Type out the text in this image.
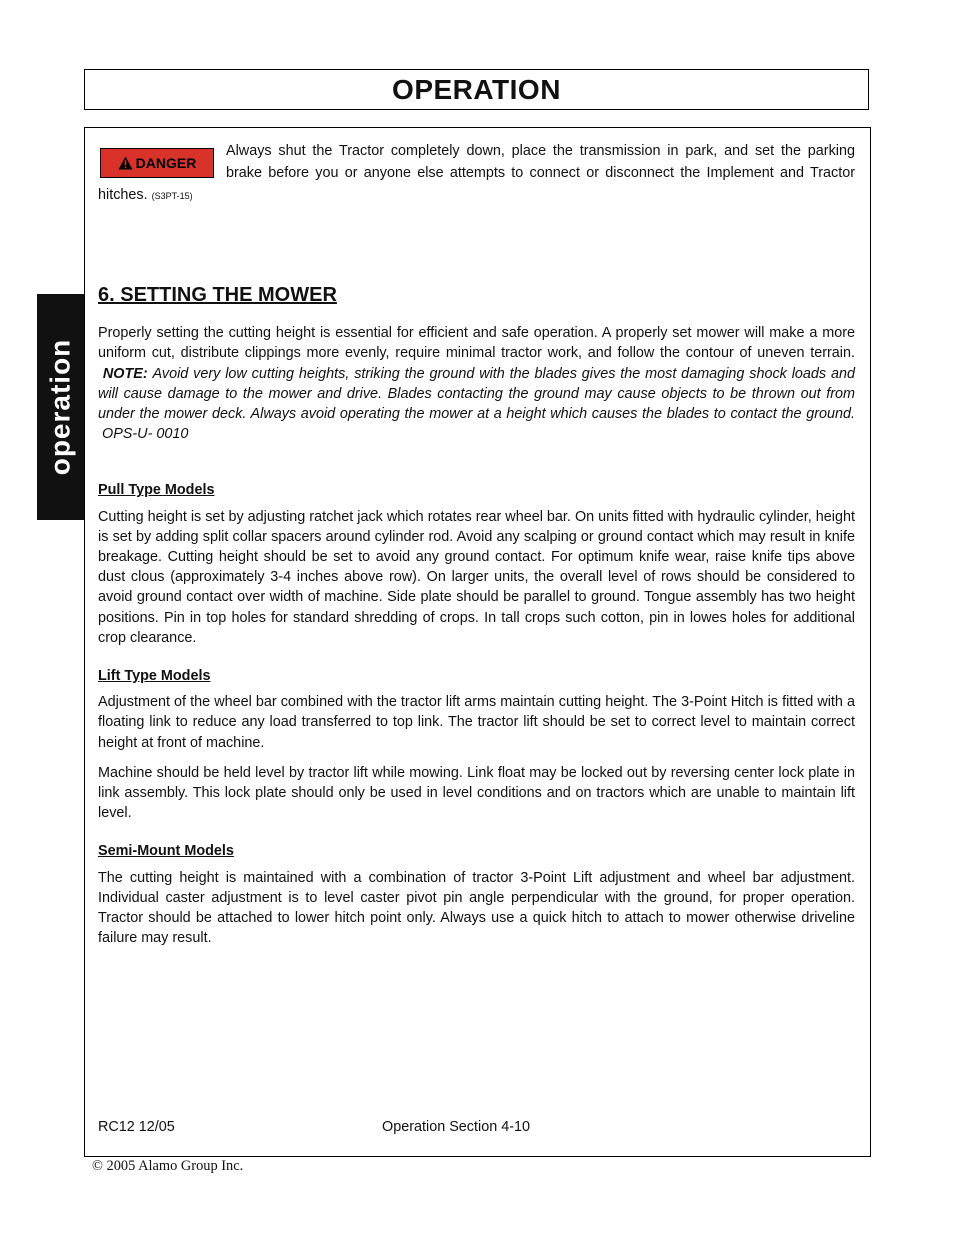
OPERATION
operation
DANGER
Always shut the Tractor completely down, place the transmission in park, and set the parking brake before you or anyone else attempts to connect or disconnect the Implement and Tractor hitches. (S3PT-15)
6. SETTING THE MOWER

Properly setting the cutting height is essential for efficient and safe operation. A properly set mower will make a more uniform cut, distribute clippings more evenly, require minimal tractor work, and follow the contour of uneven terrain.  NOTE: Avoid very low cutting heights, striking the ground with the blades gives the most damaging shock loads and will cause damage to the mower and drive. Blades contacting the ground may cause objects to be thrown out from under the mower deck. Always avoid operating the mower at a height which causes the blades to contact the ground.  OPS-U- 0010

Pull Type Models

Cutting height is set by adjusting ratchet jack which rotates rear wheel bar. On units fitted with hydraulic cylinder, height is set by adding split collar spacers around cylinder rod. Avoid any scalping or ground contact which may result in knife breakage. Cutting height should be set to avoid any ground contact. For optimum knife wear, raise knife tips above dust clous (approximately 3-4 inches above row). On larger units, the overall level of rows should be considered to avoid ground contact over width of machine. Side plate should be parallel to ground. Tongue assembly has two height positions. Pin in top holes for standard shredding of crops. In tall crops such cotton, pin in lowes holes for additional crop clearance.

Lift Type Models

Adjustment of the wheel bar combined with the tractor lift arms maintain cutting height. The 3-Point Hitch is fitted with a floating link to reduce any load transferred to top link. The tractor lift should be set to correct level to maintain correct height at front of machine.

Machine should be held level by tractor lift while mowing. Link float may be locked out by reversing center lock plate in link assembly. This lock plate should only be used in level conditions and on tractors which are unable to maintain lift level.

Semi-Mount Models

The cutting height is maintained with a combination of tractor 3-Point Lift adjustment and wheel bar adjustment. Individual caster adjustment is to level caster pivot pin angle perpendicular with the ground, for proper operation. Tractor should be attached to lower hitch point only. Always use a quick hitch to attach to mower otherwise driveline failure may result.

RC12 12/05	Operation Section 4-10
© 2005 Alamo Group Inc.
